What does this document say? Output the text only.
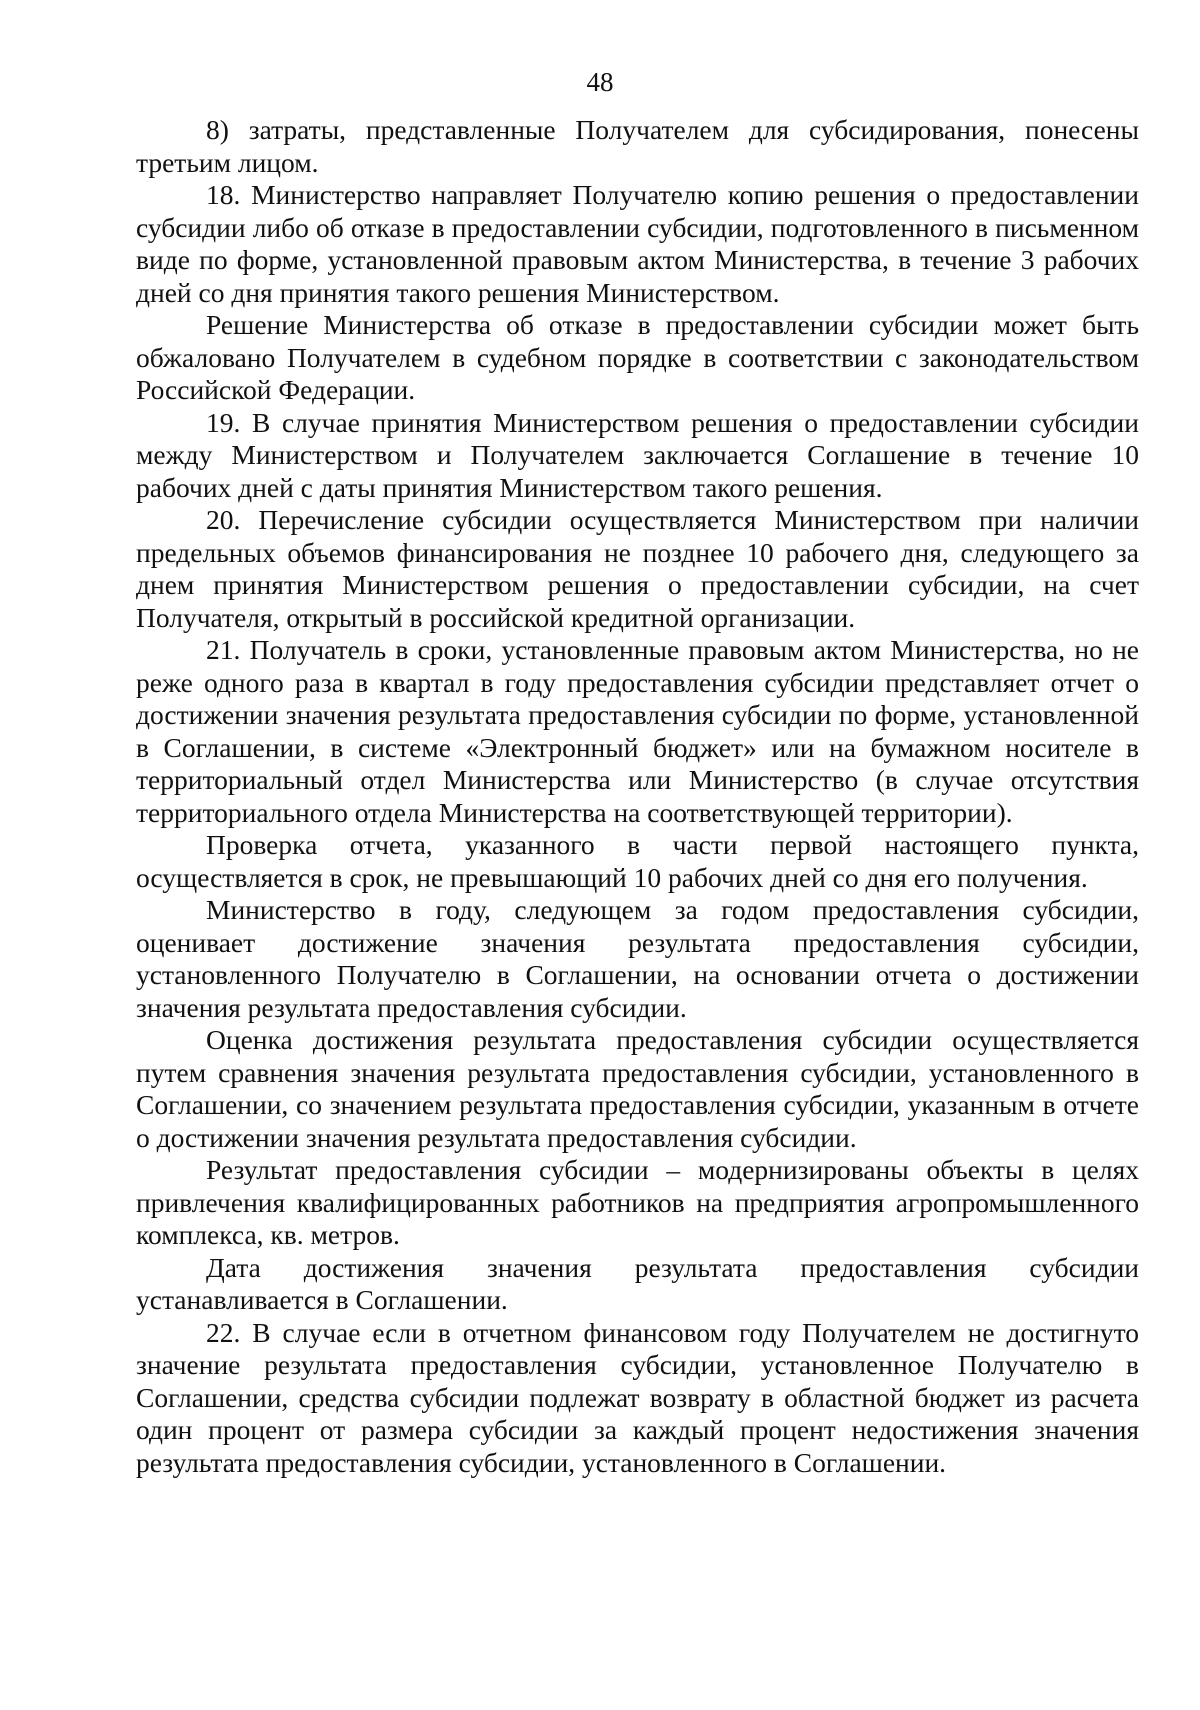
48

8) затраты, представленные Получателем для субсидирования, понесены третьим лицом.

18. Министерство направляет Получателю копию решения о предоставлении субсидии либо об отказе в предоставлении субсидии, подготовленного в письменном виде по форме, установленной правовым актом Министерства, в течение 3 рабочих дней со дня принятия такого решения Министерством.

Решение Министерства об отказе в предоставлении субсидии может быть обжаловано Получателем в судебном порядке в соответствии с законодательством Российской Федерации.

19. В случае принятия Министерством решения о предоставлении субсидии между Министерством и Получателем заключается Соглашение в течение 10 рабочих дней с даты принятия Министерством такого решения.

20. Перечисление субсидии осуществляется Министерством при наличии предельных объемов финансирования не позднее 10 рабочего дня, следующего за днем принятия Министерством решения о предоставлении субсидии, на счет Получателя, открытый в российской кредитной организации.

21. Получатель в сроки, установленные правовым актом Министерства, но не реже одного раза в квартал в году предоставления субсидии представляет отчет о достижении значения результата предоставления субсидии по форме, установленной в Соглашении, в системе «Электронный бюджет» или на бумажном носителе в территориальный отдел Министерства или Министерство (в случае отсутствия территориального отдела Министерства на соответствующей территории).

Проверка отчета, указанного в части первой настоящего пункта, осуществляется в срок, не превышающий 10 рабочих дней со дня его получения.

Министерство в году, следующем за годом предоставления субсидии, оценивает достижение значения результата предоставления субсидии, установленного Получателю в Соглашении, на основании отчета о достижении значения результата предоставления субсидии.

Оценка достижения результата предоставления субсидии осуществляется путем сравнения значения результата предоставления субсидии, установленного в Соглашении, со значением результата предоставления субсидии, указанным в отчете о достижении значения результата предоставления субсидии.

Результат предоставления субсидии – модернизированы объекты в целях привлечения квалифицированных работников на предприятия агропромышленного комплекса, кв. метров.

Дата достижения значения результата предоставления субсидии устанавливается в Соглашении.

22. В случае если в отчетном финансовом году Получателем не достигнуто значение результата предоставления субсидии, установленное Получателю в Соглашении, средства субсидии подлежат возврату в областной бюджет из расчета один процент от размера субсидии за каждый процент недостижения значения результата предоставления субсидии, установленного в Соглашении.
